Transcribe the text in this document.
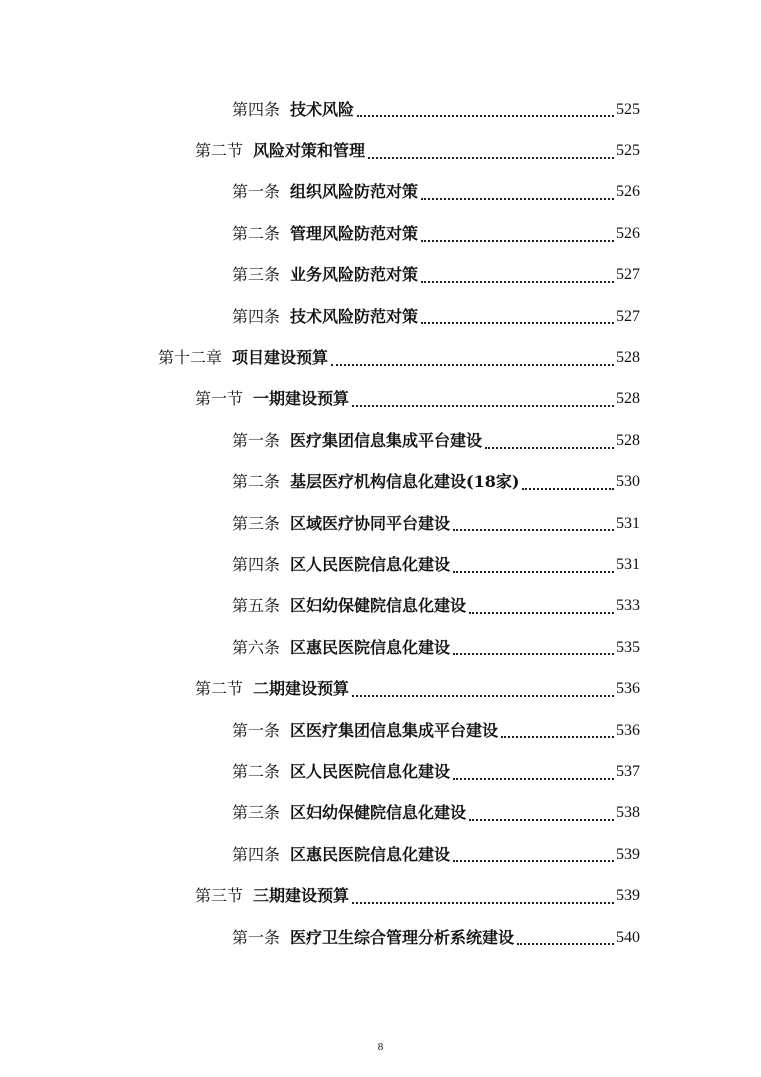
第四条 技术风险	525
第二节 风险对策和管理	525
第一条 组织风险防范对策	526
第二条 管理风险防范对策	526
第三条 业务风险防范对策	527
第四条 技术风险防范对策	527
第十二章 项目建设预算	528
第一节 一期建设预算	528
第一条 医疗集团信息集成平台建设	528
第二条 基层医疗机构信息化建设(18家)	530
第三条 区域医疗协同平台建设	531
第四条 区人民医院信息化建设	531
第五条 区妇幼保健院信息化建设	533
第六条 区惠民医院信息化建设	535
第二节 二期建设预算	536
第一条 区医疗集团信息集成平台建设	536
第二条 区人民医院信息化建设	537
第三条 区妇幼保健院信息化建设	538
第四条 区惠民医院信息化建设	539
第三节 三期建设预算	539
第一条 医疗卫生综合管理分析系统建设	540
8
